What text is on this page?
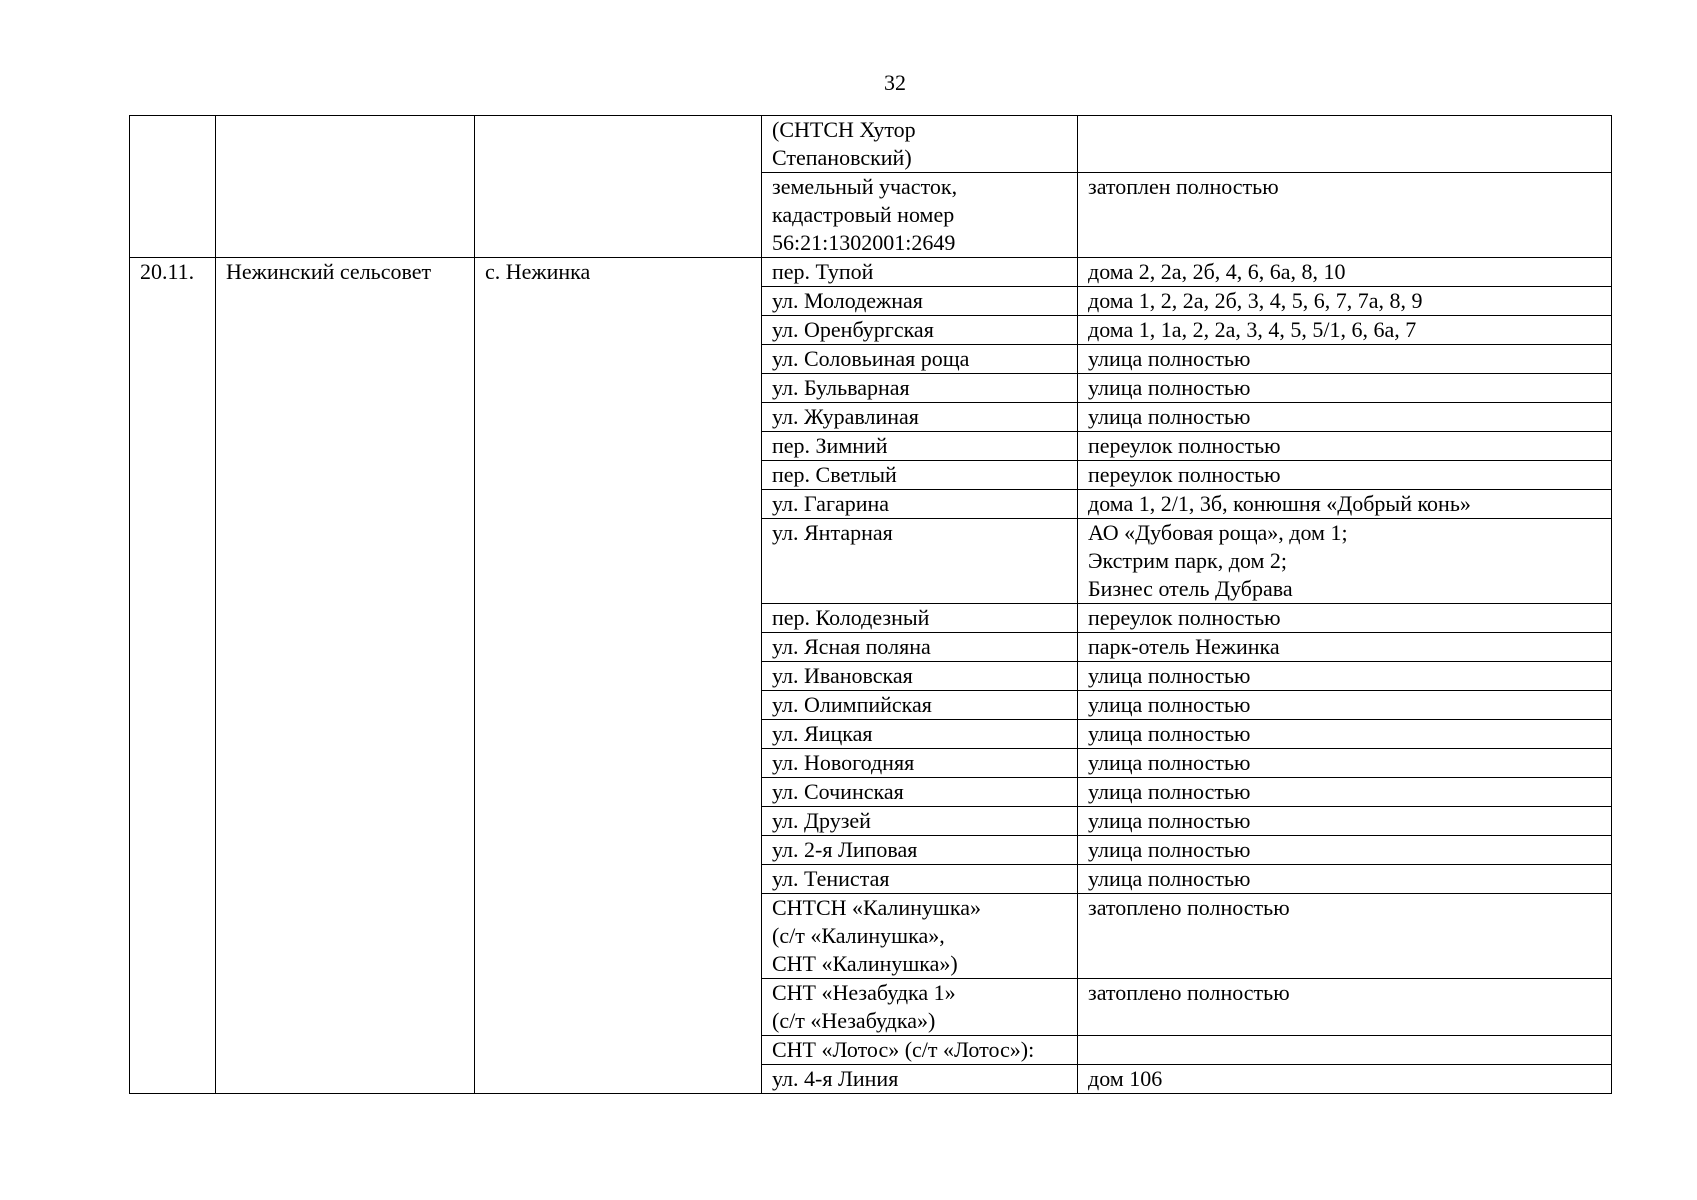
32
			(СНТСН Хутор
Степановский)	
			земельный участок,
кадастровый номер
56:21:1302001:2649	затоплен полностью
20.11.	Нежинский сельсовет	с. Нежинка	пер. Тупой	дома 2, 2а, 2б, 4, 6, 6а, 8, 10
			ул. Молодежная	дома 1, 2, 2а, 2б, 3, 4, 5, 6, 7, 7а, 8, 9
			ул. Оренбургская	дома 1, 1а, 2, 2а, 3, 4, 5, 5/1, 6, 6а, 7
			ул. Соловьиная роща	улица полностью
			ул. Бульварная	улица полностью
			ул. Журавлиная	улица полностью
			пер. Зимний	переулок полностью
			пер. Светлый	переулок полностью
			ул. Гагарина	дома 1, 2/1, 3б, конюшня «Добрый конь»
			ул. Янтарная	АО «Дубовая роща», дом 1;
Экстрим парк, дом 2;
Бизнес отель Дубрава
			пер. Колодезный	переулок полностью
			ул. Ясная поляна	парк-отель Нежинка
			ул. Ивановская	улица полностью
			ул. Олимпийская	улица полностью
			ул. Яицкая	улица полностью
			ул. Новогодняя	улица полностью
			ул. Сочинская	улица полностью
			ул. Друзей	улица полностью
			ул. 2-я Липовая	улица полностью
			ул. Тенистая	улица полностью
			СНТСН «Калинушка»
(с/т «Калинушка»,
СНТ «Калинушка»)	затоплено полностью
			СНТ «Незабудка 1»
(с/т «Незабудка»)	затоплено полностью
			СНТ «Лотос» (с/т «Лотос»):	
			ул. 4-я Линия	дом 106
